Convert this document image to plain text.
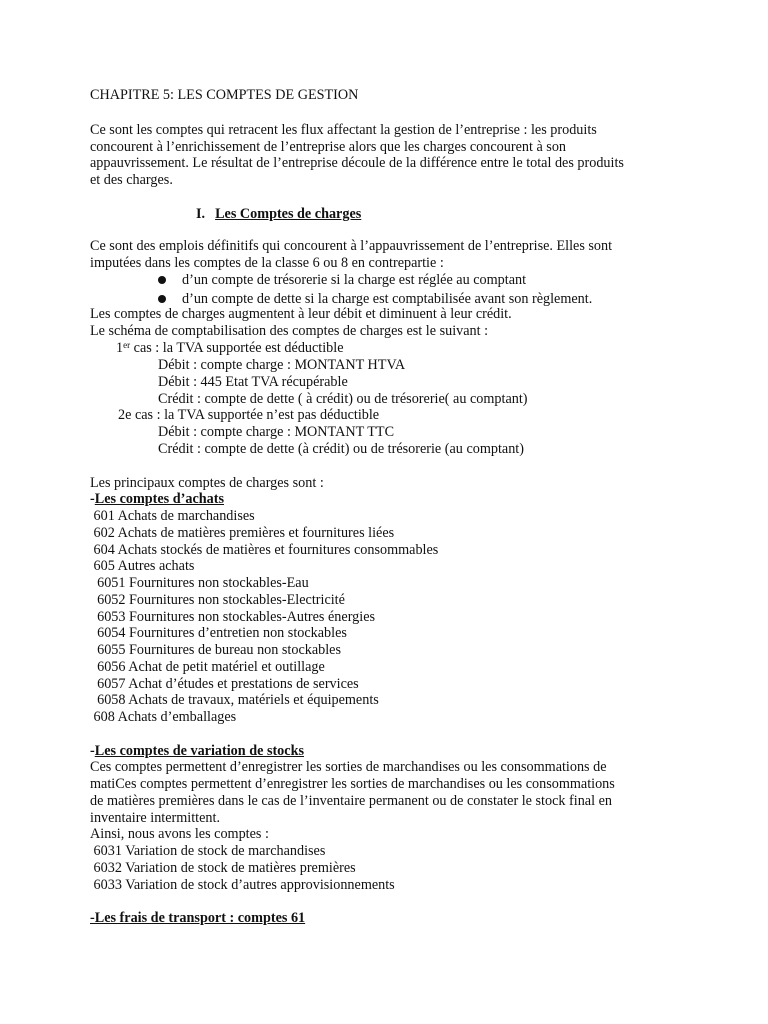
CHAPITRE 5: LES COMPTES DE GESTION
Ce sont les comptes qui retracent les flux affectant la gestion de l’entreprise : les produits
concourent à l’enrichissement de l’entreprise alors que les charges concourent à son
appauvrissement. Le résultat de l’entreprise découle de la différence entre le total des produits
et des charges.
I. Les Comptes de charges
Ce sont des emplois définitifs qui concourent à l’appauvrissement de l’entreprise. Elles sont
imputées dans les comptes de la classe 6 ou 8 en contrepartie :
d’un compte de trésorerie si la charge est réglée au comptant
d’un compte de dette si la charge est comptabilisée avant son règlement.
Les comptes de charges augmentent à leur débit et diminuent à leur crédit.
Le schéma de comptabilisation des comptes de charges est le suivant :
1er cas : la TVA supportée est déductible
Débit : compte charge : MONTANT HTVA
Débit : 445 Etat TVA récupérable
Crédit : compte de dette ( à crédit) ou de trésorerie( au comptant)
2e cas : la TVA supportée n’est pas déductible
Débit : compte charge : MONTANT TTC
Crédit : compte de dette (à crédit) ou de trésorerie (au comptant)
Les principaux comptes de charges sont :
-Les comptes d’achats
601 Achats de marchandises
602 Achats de matières premières et fournitures liées
604 Achats stockés de matières et fournitures consommables
605 Autres achats
6051 Fournitures non stockables-Eau
6052 Fournitures non stockables-Electricité
6053 Fournitures non stockables-Autres énergies
6054 Fournitures d’entretien non stockables
6055 Fournitures de bureau non stockables
6056 Achat de petit matériel et outillage
6057 Achat d’études et prestations de services
6058 Achats de travaux, matériels et équipements
608 Achats d’emballages
-Les comptes de variation de stocks
Ces comptes permettent d’enregistrer les sorties de marchandises ou les consommations de
matiCes comptes permettent d’enregistrer les sorties de marchandises ou les consommations
de matières premières dans le cas de l’inventaire permanent ou de constater le stock final en
inventaire intermittent.
Ainsi, nous avons les comptes :
6031 Variation de stock de marchandises
6032 Variation de stock de matières premières
6033 Variation de stock d’autres approvisionnements
-Les frais de transport : comptes 61
